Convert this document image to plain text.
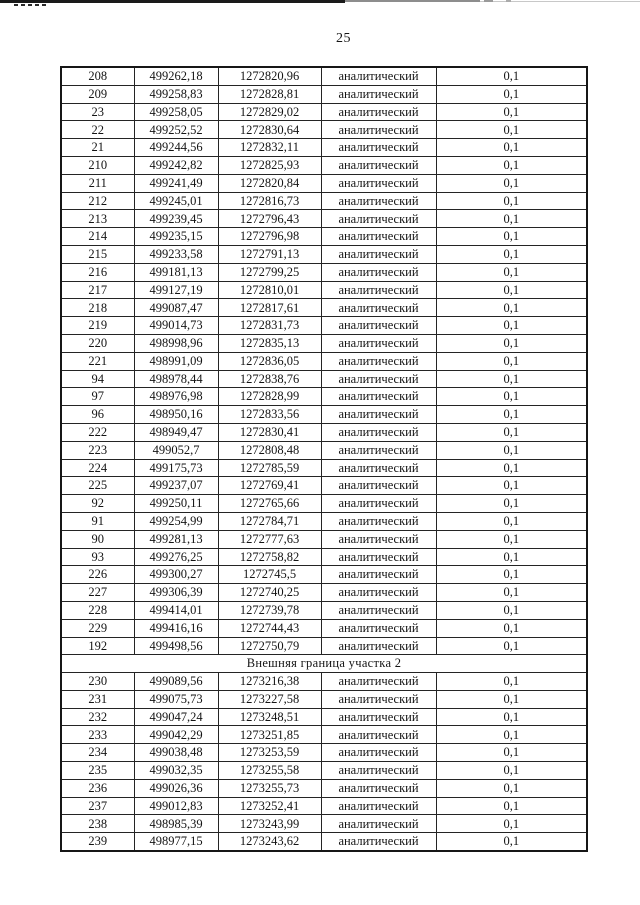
25
208	499262,18	1272820,96	аналитический	0,1
209	499258,83	1272828,81	аналитический	0,1
23	499258,05	1272829,02	аналитический	0,1
22	499252,52	1272830,64	аналитический	0,1
21	499244,56	1272832,11	аналитический	0,1
210	499242,82	1272825,93	аналитический	0,1
211	499241,49	1272820,84	аналитический	0,1
212	499245,01	1272816,73	аналитический	0,1
213	499239,45	1272796,43	аналитический	0,1
214	499235,15	1272796,98	аналитический	0,1
215	499233,58	1272791,13	аналитический	0,1
216	499181,13	1272799,25	аналитический	0,1
217	499127,19	1272810,01	аналитический	0,1
218	499087,47	1272817,61	аналитический	0,1
219	499014,73	1272831,73	аналитический	0,1
220	498998,96	1272835,13	аналитический	0,1
221	498991,09	1272836,05	аналитический	0,1
94	498978,44	1272838,76	аналитический	0,1
97	498976,98	1272828,99	аналитический	0,1
96	498950,16	1272833,56	аналитический	0,1
222	498949,47	1272830,41	аналитический	0,1
223	499052,7	1272808,48	аналитический	0,1
224	499175,73	1272785,59	аналитический	0,1
225	499237,07	1272769,41	аналитический	0,1
92	499250,11	1272765,66	аналитический	0,1
91	499254,99	1272784,71	аналитический	0,1
90	499281,13	1272777,63	аналитический	0,1
93	499276,25	1272758,82	аналитический	0,1
226	499300,27	1272745,5	аналитический	0,1
227	499306,39	1272740,25	аналитический	0,1
228	499414,01	1272739,78	аналитический	0,1
229	499416,16	1272744,43	аналитический	0,1
192	499498,56	1272750,79	аналитический	0,1
Внешняя граница участка 2				
230	499089,56	1273216,38	аналитический	0,1
231	499075,73	1273227,58	аналитический	0,1
232	499047,24	1273248,51	аналитический	0,1
233	499042,29	1273251,85	аналитический	0,1
234	499038,48	1273253,59	аналитический	0,1
235	499032,35	1273255,58	аналитический	0,1
236	499026,36	1273255,73	аналитический	0,1
237	499012,83	1273252,41	аналитический	0,1
238	498985,39	1273243,99	аналитический	0,1
239	498977,15	1273243,62	аналитический	0,1
